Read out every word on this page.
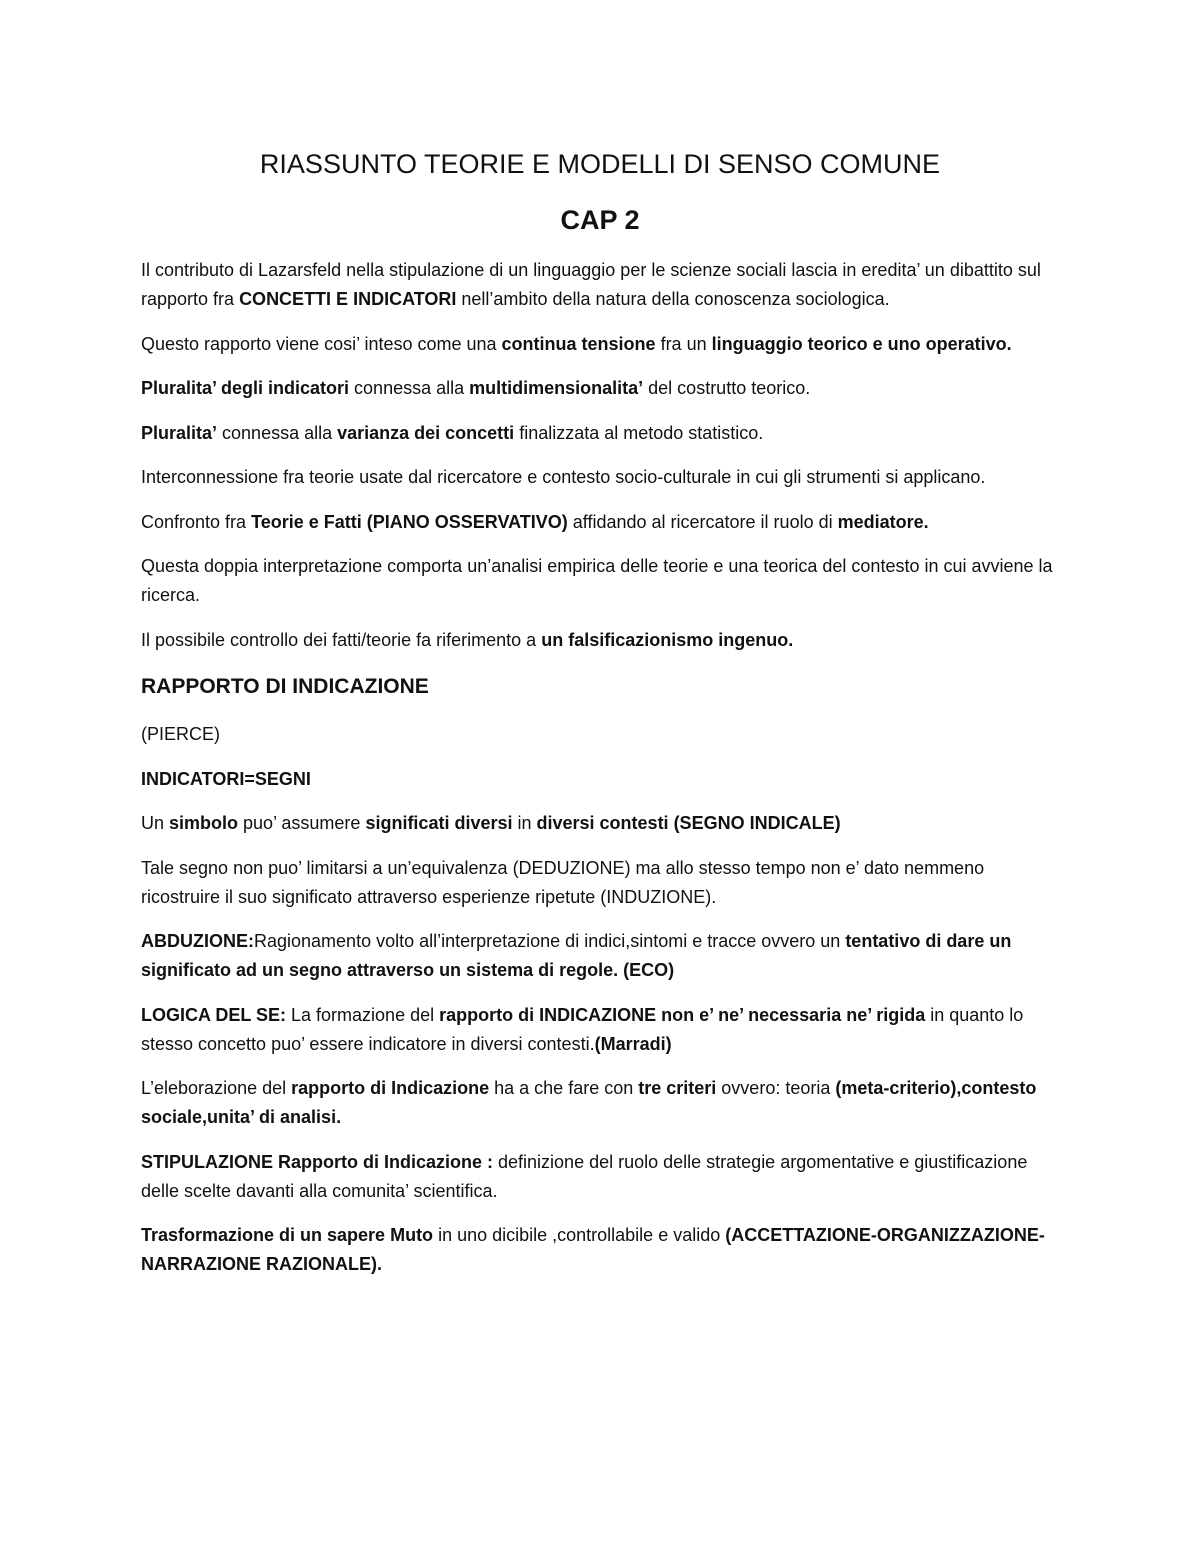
RIASSUNTO TEORIE E MODELLI DI SENSO COMUNE
CAP 2

Il contributo di Lazarsfeld nella stipulazione di un linguaggio per le scienze sociali lascia in eredita’ un dibattito sul rapporto fra CONCETTI E INDICATORI nell’ambito della natura della conoscenza sociologica.

Questo rapporto viene cosi’ inteso come una continua tensione fra un linguaggio teorico e uno operativo.

Pluralita’ degli indicatori connessa alla multidimensionalita’ del costrutto teorico.

Pluralita’ connessa alla varianza dei concetti finalizzata al metodo statistico.

Interconnessione fra teorie usate dal ricercatore e contesto socio-culturale in cui gli strumenti si applicano.

Confronto fra Teorie e Fatti (PIANO OSSERVATIVO) affidando al ricercatore il ruolo di mediatore.

Questa doppia interpretazione comporta un’analisi empirica delle teorie e una teorica del contesto in cui avviene la ricerca.

Il possibile controllo dei fatti/teorie fa riferimento a un falsificazionismo ingenuo.

RAPPORTO DI INDICAZIONE

(PIERCE)

INDICATORI=SEGNI

Un simbolo puo’ assumere significati diversi in diversi contesti (SEGNO INDICALE)

Tale segno non puo’ limitarsi a un’equivalenza (DEDUZIONE) ma allo stesso tempo non e’ dato nemmeno ricostruire il suo significato attraverso esperienze ripetute (INDUZIONE).

ABDUZIONE:Ragionamento volto all’interpretazione di indici,sintomi e tracce ovvero un tentativo di dare un significato ad un segno attraverso un sistema di regole. (ECO)

LOGICA DEL SE: La formazione del rapporto di INDICAZIONE non e’ ne’ necessaria ne’ rigida in quanto lo stesso concetto puo’ essere indicatore in diversi contesti.(Marradi)

L’eleborazione del rapporto di Indicazione ha a che fare con tre criteri ovvero: teoria (meta-criterio),contesto sociale,unita’ di analisi.

STIPULAZIONE Rapporto di Indicazione : definizione del ruolo delle strategie argomentative e giustificazione delle scelte davanti alla comunita’ scientifica.

Trasformazione di un sapere Muto in uno dicibile ,controllabile e valido (ACCETTAZIONE-ORGANIZZAZIONE-NARRAZIONE RAZIONALE).
